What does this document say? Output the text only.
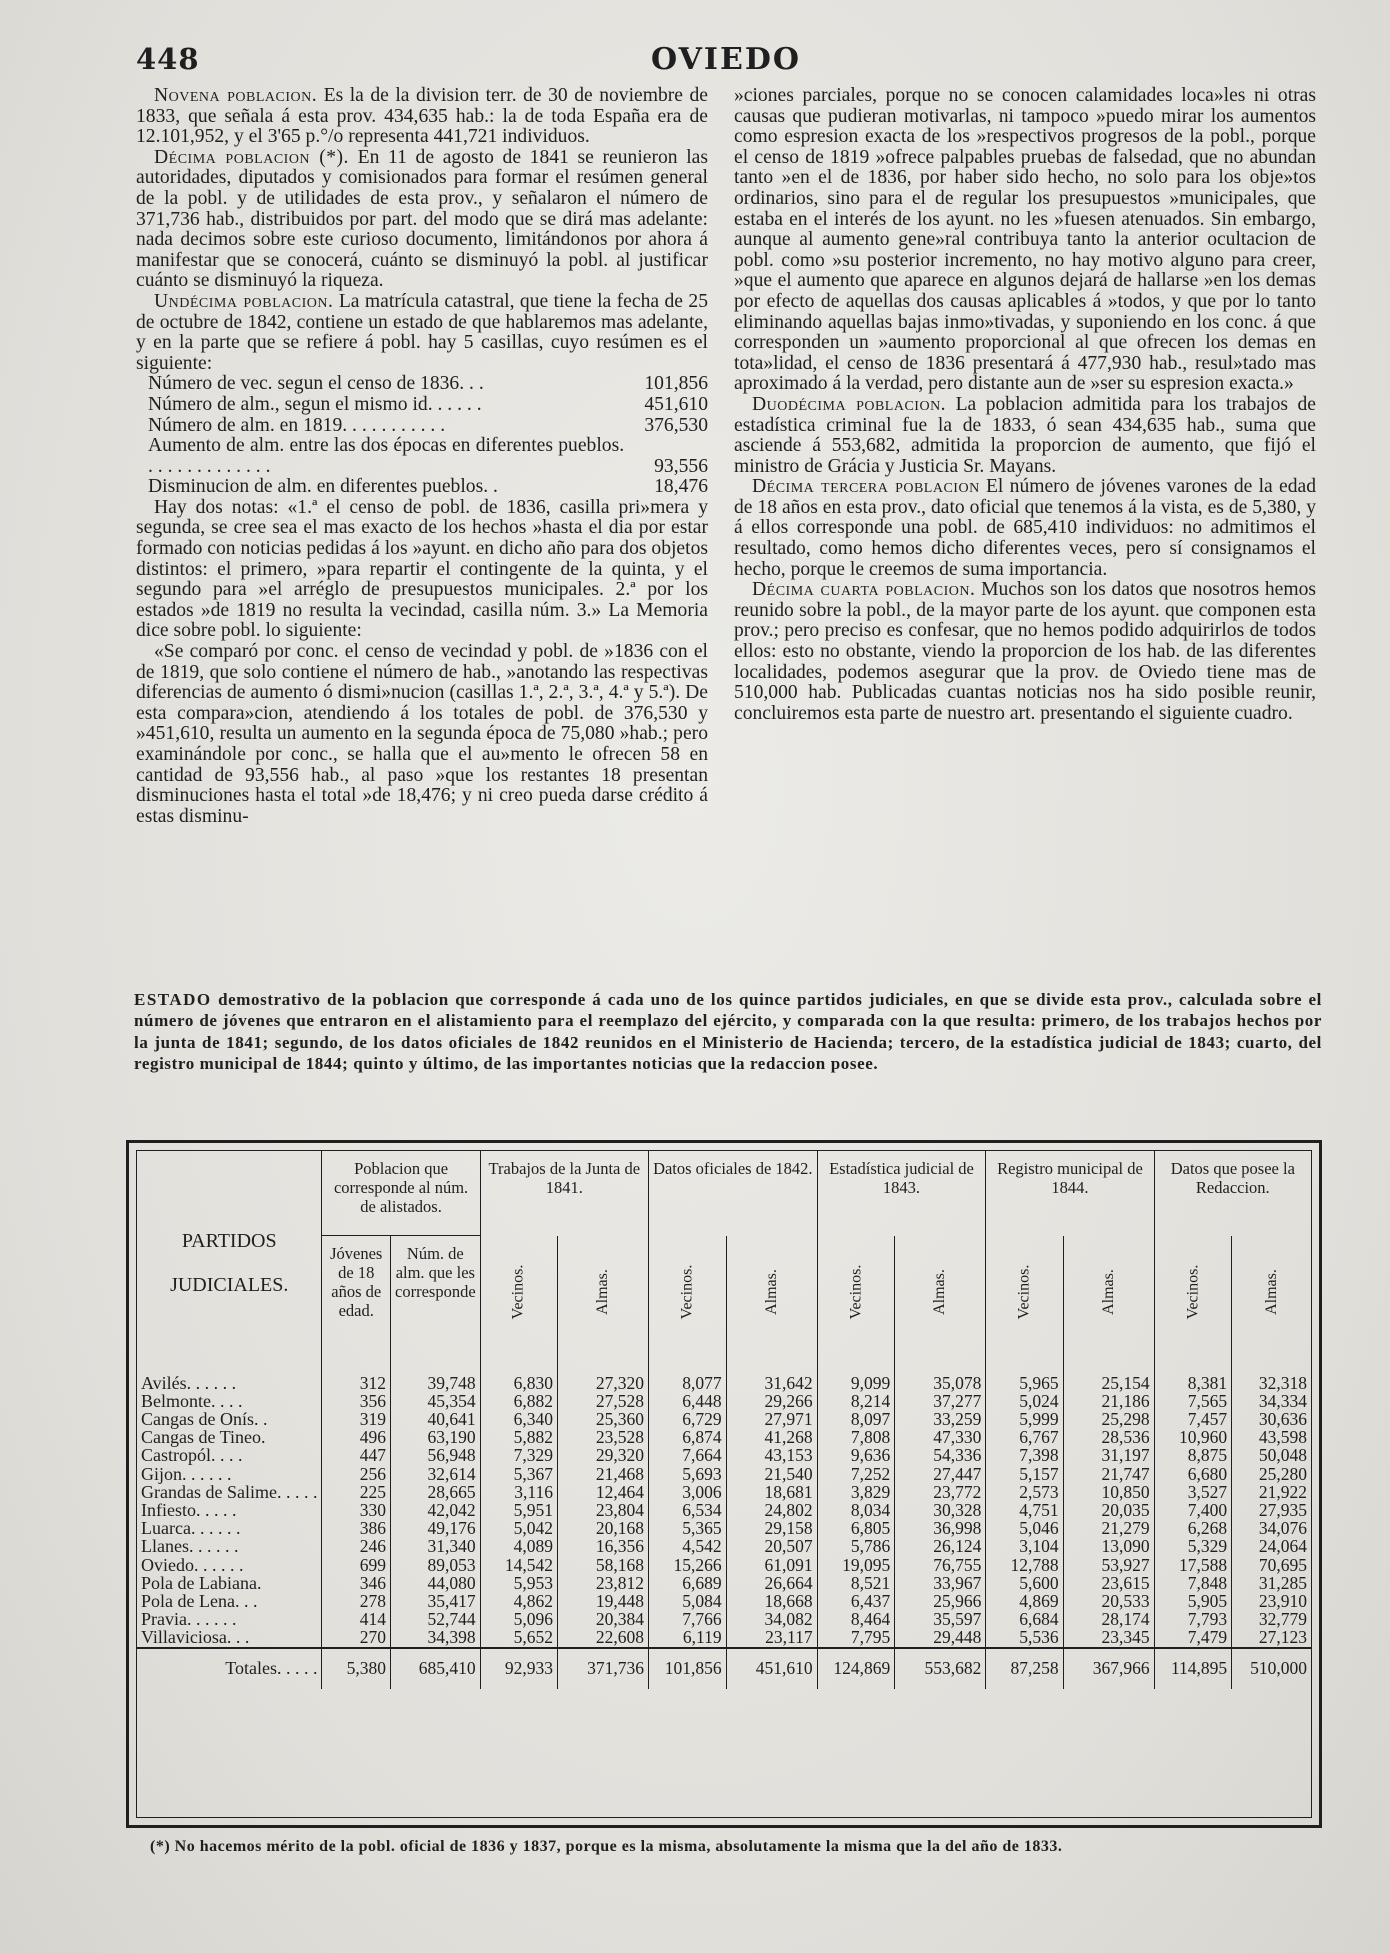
448	OVIEDO

Novena poblacion. Es la de la division terr. de 30 de noviembre de 1833, que señala á esta prov. 434,635 hab.: la de toda España era de 12.101,952, y el 3'65 p.°/o representa 441,721 individuos.

Décima poblacion (*). En 11 de agosto de 1841 se reunieron las autoridades, diputados y comisionados para formar el resúmen general de la pobl. y de utilidades de esta prov., y señalaron el número de 371,736 hab., distribuidos por part. del modo que se dirá mas adelante: nada decimos sobre este curioso documento, limitándonos por ahora á manifestar que se conocerá, cuánto se disminuyó la pobl. al justificar cuánto se disminuyó la riqueza.

Undécima poblacion. La matrícula catastral, que tiene la fecha de 25 de octubre de 1842, contiene un estado de que hablaremos mas adelante, y en la parte que se refiere á pobl. hay 5 casillas, cuyo resúmen es el siguiente:

Número de vec. segun el censo de 1836. . .	101,856
Número de alm., segun el mismo id. . . . . .	451,610
Número de alm. en 1819. . . . . . . . . . .	376,530
Aumento de alm. entre las dos épocas en diferentes pueblos. . . . . . . . . . . . . .	93,556
Disminucion de alm. en diferentes pueblos. .	18,476

Hay dos notas: «1.ª el censo de pobl. de 1836, casilla pri»mera y segunda, se cree sea el mas exacto de los hechos »hasta el dia por estar formado con noticias pedidas á los »ayunt. en dicho año para dos objetos distintos: el primero, »para repartir el contingente de la quinta, y el segundo para »el arréglo de presupuestos municipales. 2.ª por los estados »de 1819 no resulta la vecindad, casilla núm. 3.» La Memoria dice sobre pobl. lo siguiente:

«Se comparó por conc. el censo de vecindad y pobl. de »1836 con el de 1819, que solo contiene el número de hab., »anotando las respectivas diferencias de aumento ó dismi»nucion (casillas 1.ª, 2.ª, 3.ª, 4.ª y 5.ª). De esta compara»cion, atendiendo á los totales de pobl. de 376,530 y »451,610, resulta un aumento en la segunda época de 75,080 »hab.; pero examinándole por conc., se halla que el au»mento le ofrecen 58 en cantidad de 93,556 hab., al paso »que los restantes 18 presentan disminuciones hasta el total »de 18,476; y ni creo pueda darse crédito á estas disminu-

»ciones parciales, porque no se conocen calamidades loca»les ni otras causas que pudieran motivarlas, ni tampoco »puedo mirar los aumentos como espresion exacta de los »respectivos progresos de la pobl., porque el censo de 1819 »ofrece palpables pruebas de falsedad, que no abundan tanto »en el de 1836, por haber sido hecho, no solo para los obje»tos ordinarios, sino para el de regular los presupuestos »municipales, que estaba en el interés de los ayunt. no les »fuesen atenuados. Sin embargo, aunque al aumento gene»ral contribuya tanto la anterior ocultacion de pobl. como »su posterior incremento, no hay motivo alguno para creer, »que el aumento que aparece en algunos dejará de hallarse »en los demas por efecto de aquellas dos causas aplicables á »todos, y que por lo tanto eliminando aquellas bajas inmo»tivadas, y suponiendo en los conc. á que corresponden un »aumento proporcional al que ofrecen los demas en tota»lidad, el censo de 1836 presentará á 477,930 hab., resul»tado mas aproximado á la verdad, pero distante aun de »ser su espresion exacta.»

Duodécima poblacion. La poblacion admitida para los trabajos de estadística criminal fue la de 1833, ó sean 434,635 hab., suma que asciende á 553,682, admitida la proporcion de aumento, que fijó el ministro de Grácia y Justicia Sr. Mayans.

Décima tercera poblacion El número de jóvenes varones de la edad de 18 años en esta prov., dato oficial que tenemos á la vista, es de 5,380, y á ellos corresponde una pobl. de 685,410 individuos: no admitimos el resultado, como hemos dicho diferentes veces, pero sí consignamos el hecho, porque le creemos de suma importancia.

Décima cuarta poblacion. Muchos son los datos que nosotros hemos reunido sobre la pobl., de la mayor parte de los ayunt. que componen esta prov.; pero preciso es confesar, que no hemos podido adquirirlos de todos ellos: esto no obstante, viendo la proporcion de los hab. de las diferentes localidades, podemos asegurar que la prov. de Oviedo tiene mas de 510,000 hab. Publicadas cuantas noticias nos ha sido posible reunir, concluiremos esta parte de nuestro art. presentando el siguiente cuadro.

ESTADO demostrativo de la poblacion que corresponde á cada uno de los quince partidos judiciales, en que se divide esta prov., calculada sobre el número de jóvenes que entraron en el alistamiento para el reemplazo del ejército, y comparada con la que resulta: primero, de los trabajos hechos por la junta de 1841; segundo, de los datos oficiales de 1842 reunidos en el Ministerio de Hacienda; tercero, de la estadística judicial de 1843; cuarto, del registro municipal de 1844; quinto y último, de las importantes noticias que la redaccion posee.
PARTIDOS
JUDICIALES.	Poblacion que corresponde al núm. de alistados.		Trabajos de la Junta de 1841.		Datos oficiales de 1842.		Estadística judicial de 1843.		Registro municipal de 1844.		Datos que posee la Redaccion.	
	Jóvenes de 18 años de edad.	Núm. de alm. que les corresponde	Vecinos.	Almas.	Vecinos.	Almas.	Vecinos.	Almas.	Vecinos.	Almas.	Vecinos.	Almas.

Avilés. . . . . .	312	39,748	6,830	27,320	8,077	31,642	9,099	35,078	5,965	25,154	8,381	32,318
Belmonte. . . .	356	45,354	6,882	27,528	6,448	29,266	8,214	37,277	5,024	21,186	7,565	34,334
Cangas de Onís. .	319	40,641	6,340	25,360	6,729	27,971	8,097	33,259	5,999	25,298	7,457	30,636
Cangas de Tineo.	496	63,190	5,882	23,528	6,874	41,268	7,808	47,330	6,767	28,536	10,960	43,598
Castropól. . . .	447	56,948	7,329	29,320	7,664	43,153	9,636	54,336	7,398	31,197	8,875	50,048
Gijon. . . . . .	256	32,614	5,367	21,468	5,693	21,540	7,252	27,447	5,157	21,747	6,680	25,280
Grandas de Salime. . . . .	225	28,665	3,116	12,464	3,006	18,681	3,829	23,772	2,573	10,850	3,527	21,922
Infiesto. . . . .	330	42,042	5,951	23,804	6,534	24,802	8,034	30,328	4,751	20,035	7,400	27,935
Luarca. . . . . .	386	49,176	5,042	20,168	5,365	29,158	6,805	36,998	5,046	21,279	6,268	34,076
Llanes. . . . . .	246	31,340	4,089	16,356	4,542	20,507	5,786	26,124	3,104	13,090	5,329	24,064
Oviedo. . . . . .	699	89,053	14,542	58,168	15,266	61,091	19,095	76,755	12,788	53,927	17,588	70,695
Pola de Labiana.	346	44,080	5,953	23,812	6,689	26,664	8,521	33,967	5,600	23,615	7,848	31,285
Pola de Lena. . .	278	35,417	4,862	19,448	5,084	18,668	6,437	25,966	4,869	20,533	5,905	23,910
Pravia. . . . . .	414	52,744	5,096	20,384	7,766	34,082	8,464	35,597	6,684	28,174	7,793	32,779
Villaviciosa. . .	270	34,398	5,652	22,608	6,119	23,117	7,795	29,448	5,536	23,345	7,479	27,123
Totales. . . . .	5,380	685,410	92,933	371,736	101,856	451,610	124,869	553,682	87,258	367,966	114,895	510,000
(*) No hacemos mérito de la pobl. oficial de 1836 y 1837, porque es la misma, absolutamente la misma que la del año de 1833.
